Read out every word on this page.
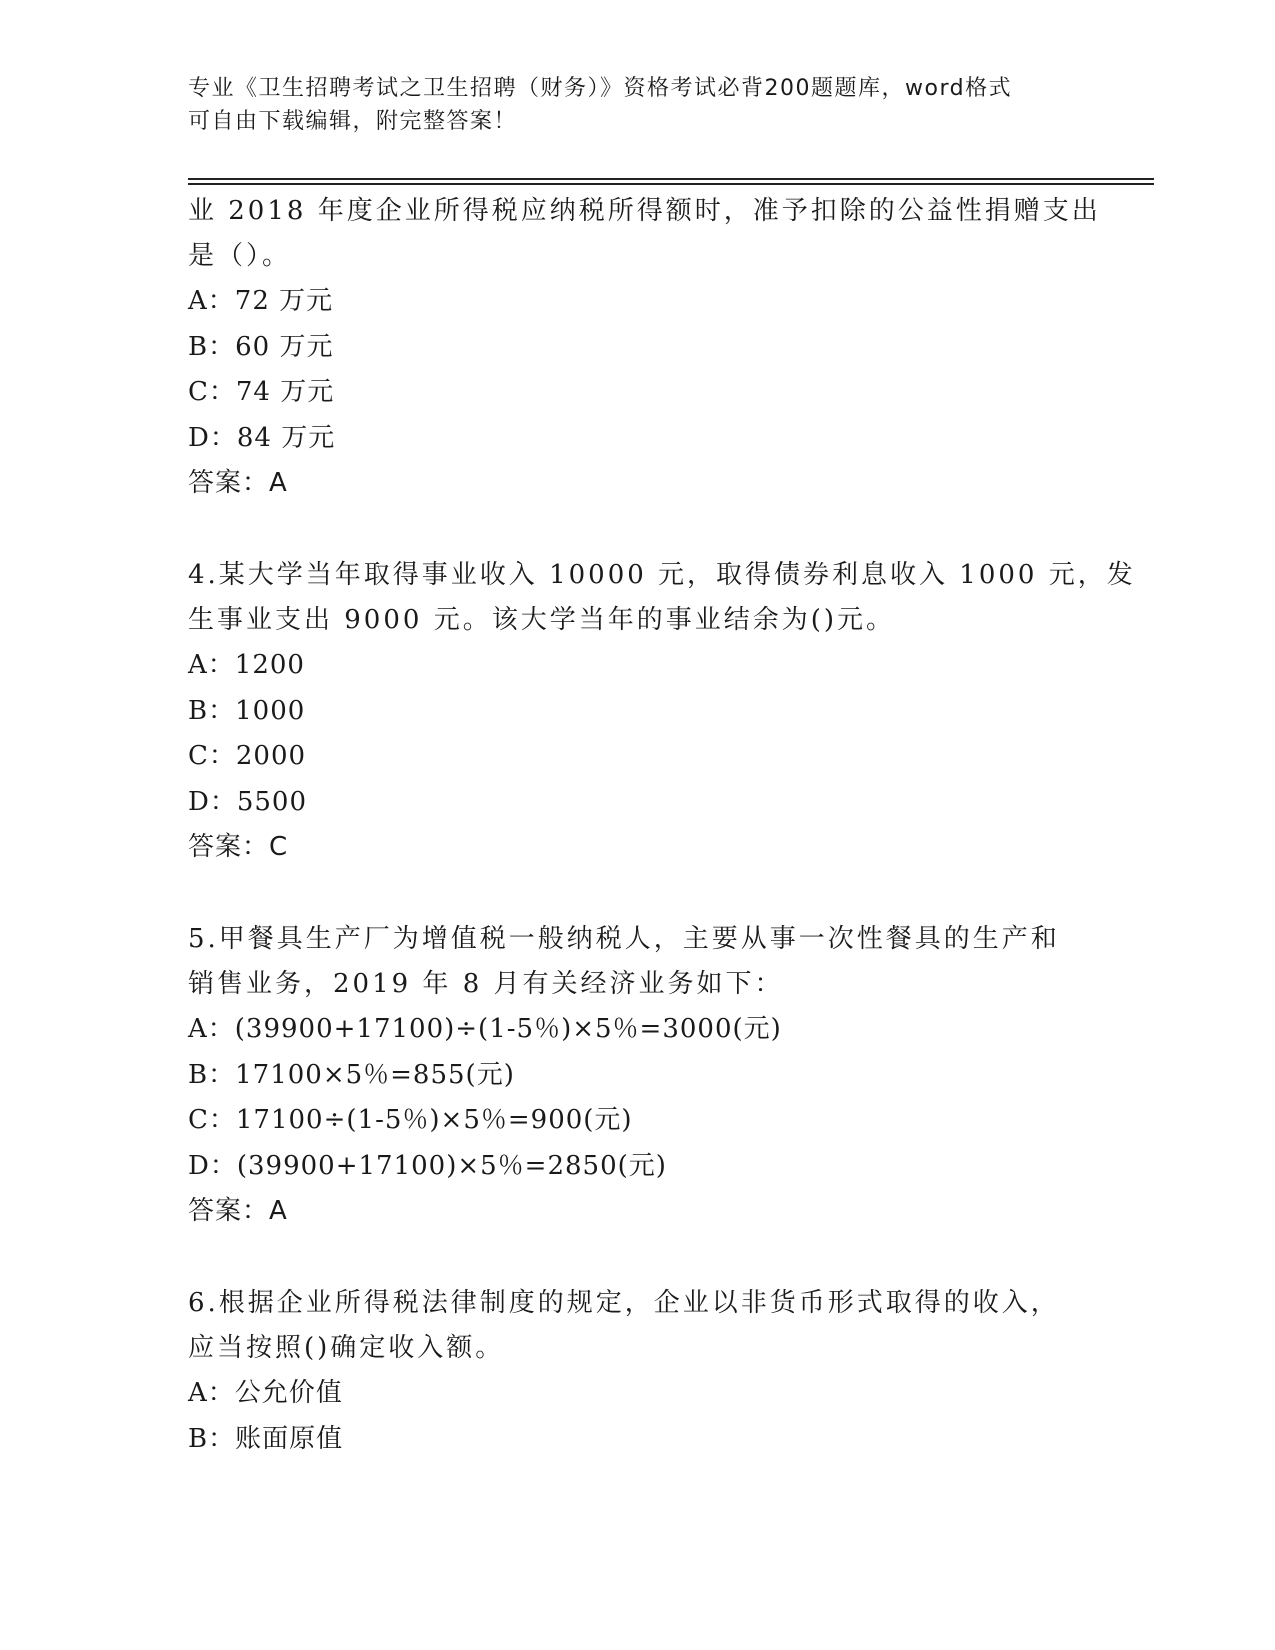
专业《卫生招聘考试之卫生招聘（财务）》资格考试必背200题题库，word格式
可自由下载编辑，附完整答案！
业 2018 年度企业所得税应纳税所得额时，准予扣除的公益性捐赠支出
是（）。
A：72 万元
B：60 万元
C：74 万元
D：84 万元
答案：A
4.某大学当年取得事业收入 10000 元，取得债券利息收入 1000 元，发
生事业支出 9000 元。该大学当年的事业结余为()元。
A：1200
B：1000
C：2000
D：5500
答案：C
5.甲餐具生产厂为增值税一般纳税人，主要从事一次性餐具的生产和
销售业务，2019 年 8 月有关经济业务如下：
A：(39900+17100)÷(1-5％)×5％=3000(元)
B：17100×5％=855(元)
C：17100÷(1-5％)×5％=900(元)
D：(39900+17100)×5％=2850(元)
答案：A
6.根据企业所得税法律制度的规定，企业以非货币形式取得的收入，
应当按照()确定收入额。
A：公允价值
B：账面原值
